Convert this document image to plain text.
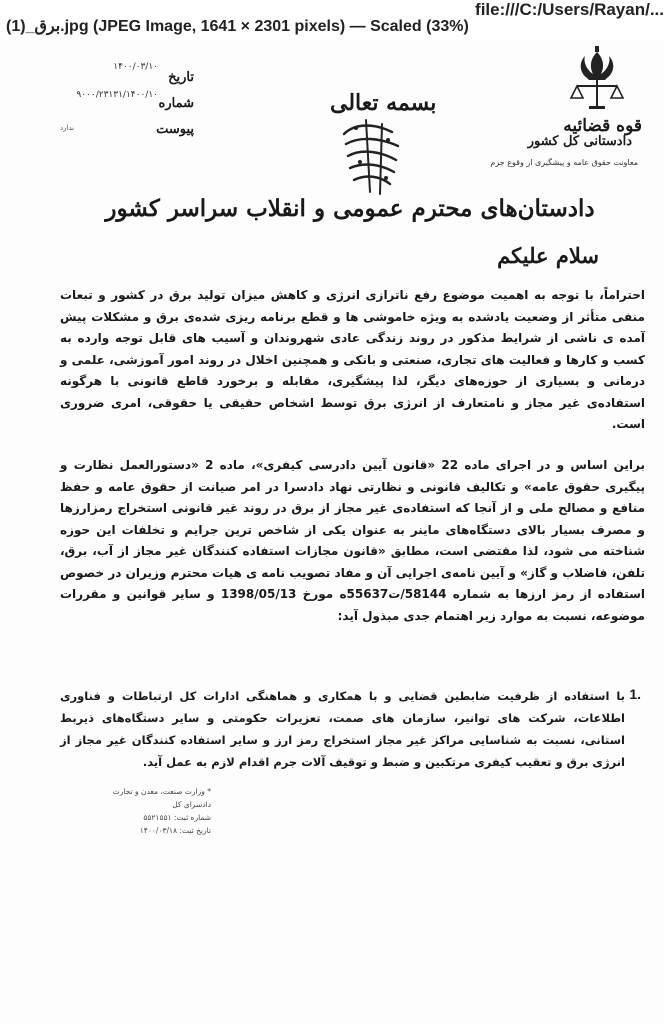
برق_(1).jpg (JPEG Image, 1641 × 2301 pixels) — Scaled (33%)
file:///C:/Users/Rayan/...
قوه قضائیه
دادستانی کل کشور
معاونت حقوق عامه و پیشگیری از وقوع جرم
بسمه تعالی
تاریخ
۱۴۰۰/۰۳/۱۰
شماره
۹۰۰۰/۲۳۱۳۱/۱۴۰۰/۱۰
پیوست
ندارد
دادستان‌های محترم عمومی و انقلاب سراسر کشور
سلام علیکم

احتراماً، با توجه به اهمیت موضوع رفع ناترازی انرژی و کاهش میزان تولید برق در کشور و تبعات منفی متأثر از وضعیت یادشده به ویژه خاموشی ها و قطع برنامه ریزی شده‌ی برق و مشکلات پیش آمده ی ناشی از شرایط مذکور در روند زندگی عادی شهروندان و آسیب های قابل توجه وارده به کسب و کارها و فعالیت های تجاری، صنعتی و بانکی و همچنین اخلال در روند امور آموزشی، علمی و درمانی و بسیاری از حوزه‌های دیگر، لذا پیشگیری، مقابله و برخورد قاطع قانونی با هرگونه استفاده‌ی غیر مجاز و نامتعارف از انرژی برق توسط اشخاص حقیقی یا حقوقی، امری ضروری است.

براین اساس و در اجرای ماده 22 «قانون آیین دادرسی کیفری»، ماده 2 «دستورالعمل نظارت و پیگیری حقوق عامه» و تکالیف قانونی و نظارتی نهاد دادسرا در امر صیانت از حقوق عامه و حفظ منافع و مصالح ملی و از آنجا که استفاده‌ی غیر مجاز از برق در روند غیر قانونی استخراج رمزارزها و مصرف بسیار بالای دستگاه‌های ماینر به عنوان یکی از شاخص ترین جرایم و تخلفات این حوزه شناخته می شود، لذا مقتضی است، مطابق «قانون مجازات استفاده کنندگان غیر مجاز از آب، برق، تلفن، فاضلاب و گاز» و آیین نامه‌ی اجرایی آن و مفاد تصویب نامه ی هیات محترم وزیران در خصوص استفاده از رمز ارزها به شماره 58144/ت55637ه مورخ 1398/05/13 و سایر قوانین و مقررات موضوعه، نسبت به موارد زیر اهتمام جدی مبذول آید:

1.

با استفاده از ظرفیت ضابطین قضایی و با همکاری و هماهنگی ادارات کل ارتباطات و فناوری اطلاعات، شرکت های توانیر، سازمان های صمت، تعزیرات حکومتی و سایر دستگاه‌های ذیربط استانی، نسبت به شناسایی مراکز غیر مجاز استخراج رمز ارز و سایر استفاده کنندگان غیر مجاز از انرژی برق و تعقیب کیفری مرتکبین و ضبط و توقیف آلات جرم اقدام لازم به عمل آید.

* وزارت صنعت، معدن و تجارت
دادسرای کل
شماره ثبت: ۵۵۲۱۵۵۱
تاریخ ثبت: ۱۴۰۰/۰۳/۱۸
